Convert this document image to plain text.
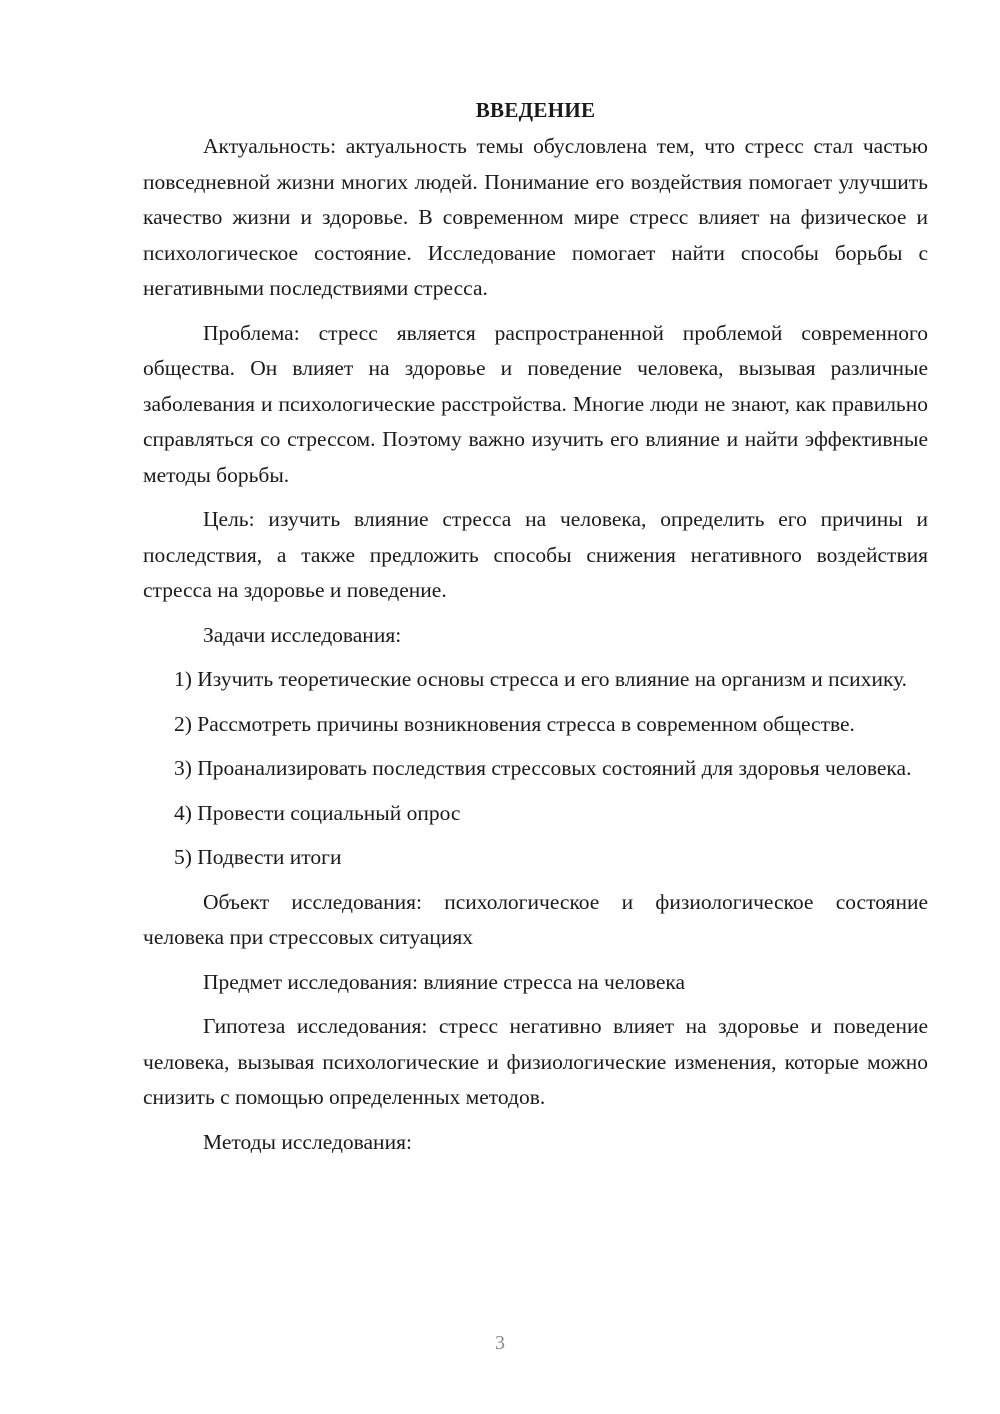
ВВЕДЕНИЕ

Актуальность: актуальность темы обусловлена тем, что стресс стал частью повседневной жизни многих людей. Понимание его воздействия помогает улучшить качество жизни и здоровье. В современном мире стресс влияет на физическое и психологическое состояние. Исследование помогает найти способы борьбы с негативными последствиями стресса.

Проблема: стресс является распространенной проблемой современного общества. Он влияет на здоровье и поведение человека, вызывая различные заболевания и психологические расстройства. Многие люди не знают, как правильно справляться со стрессом. Поэтому важно изучить его влияние и найти эффективные методы борьбы.

Цель: изучить влияние стресса на человека, определить его причины и последствия, а также предложить способы снижения негативного воздействия стресса на здоровье и поведение.

Задачи исследования:

1) Изучить теоретические основы стресса и его влияние на организм и психику.

2) Рассмотреть причины возникновения стресса в современном обществе.

3) Проанализировать последствия стрессовых состояний для здоровья человека.

4) Провести социальный опрос

5) Подвести итоги

Объект исследования: психологическое и физиологическое состояние человека при стрессовых ситуациях

Предмет исследования: влияние стресса на человека

Гипотеза исследования: стресс негативно влияет на здоровье и поведение человека, вызывая психологические и физиологические изменения, которые можно снизить с помощью определенных методов.

Методы исследования:

3
